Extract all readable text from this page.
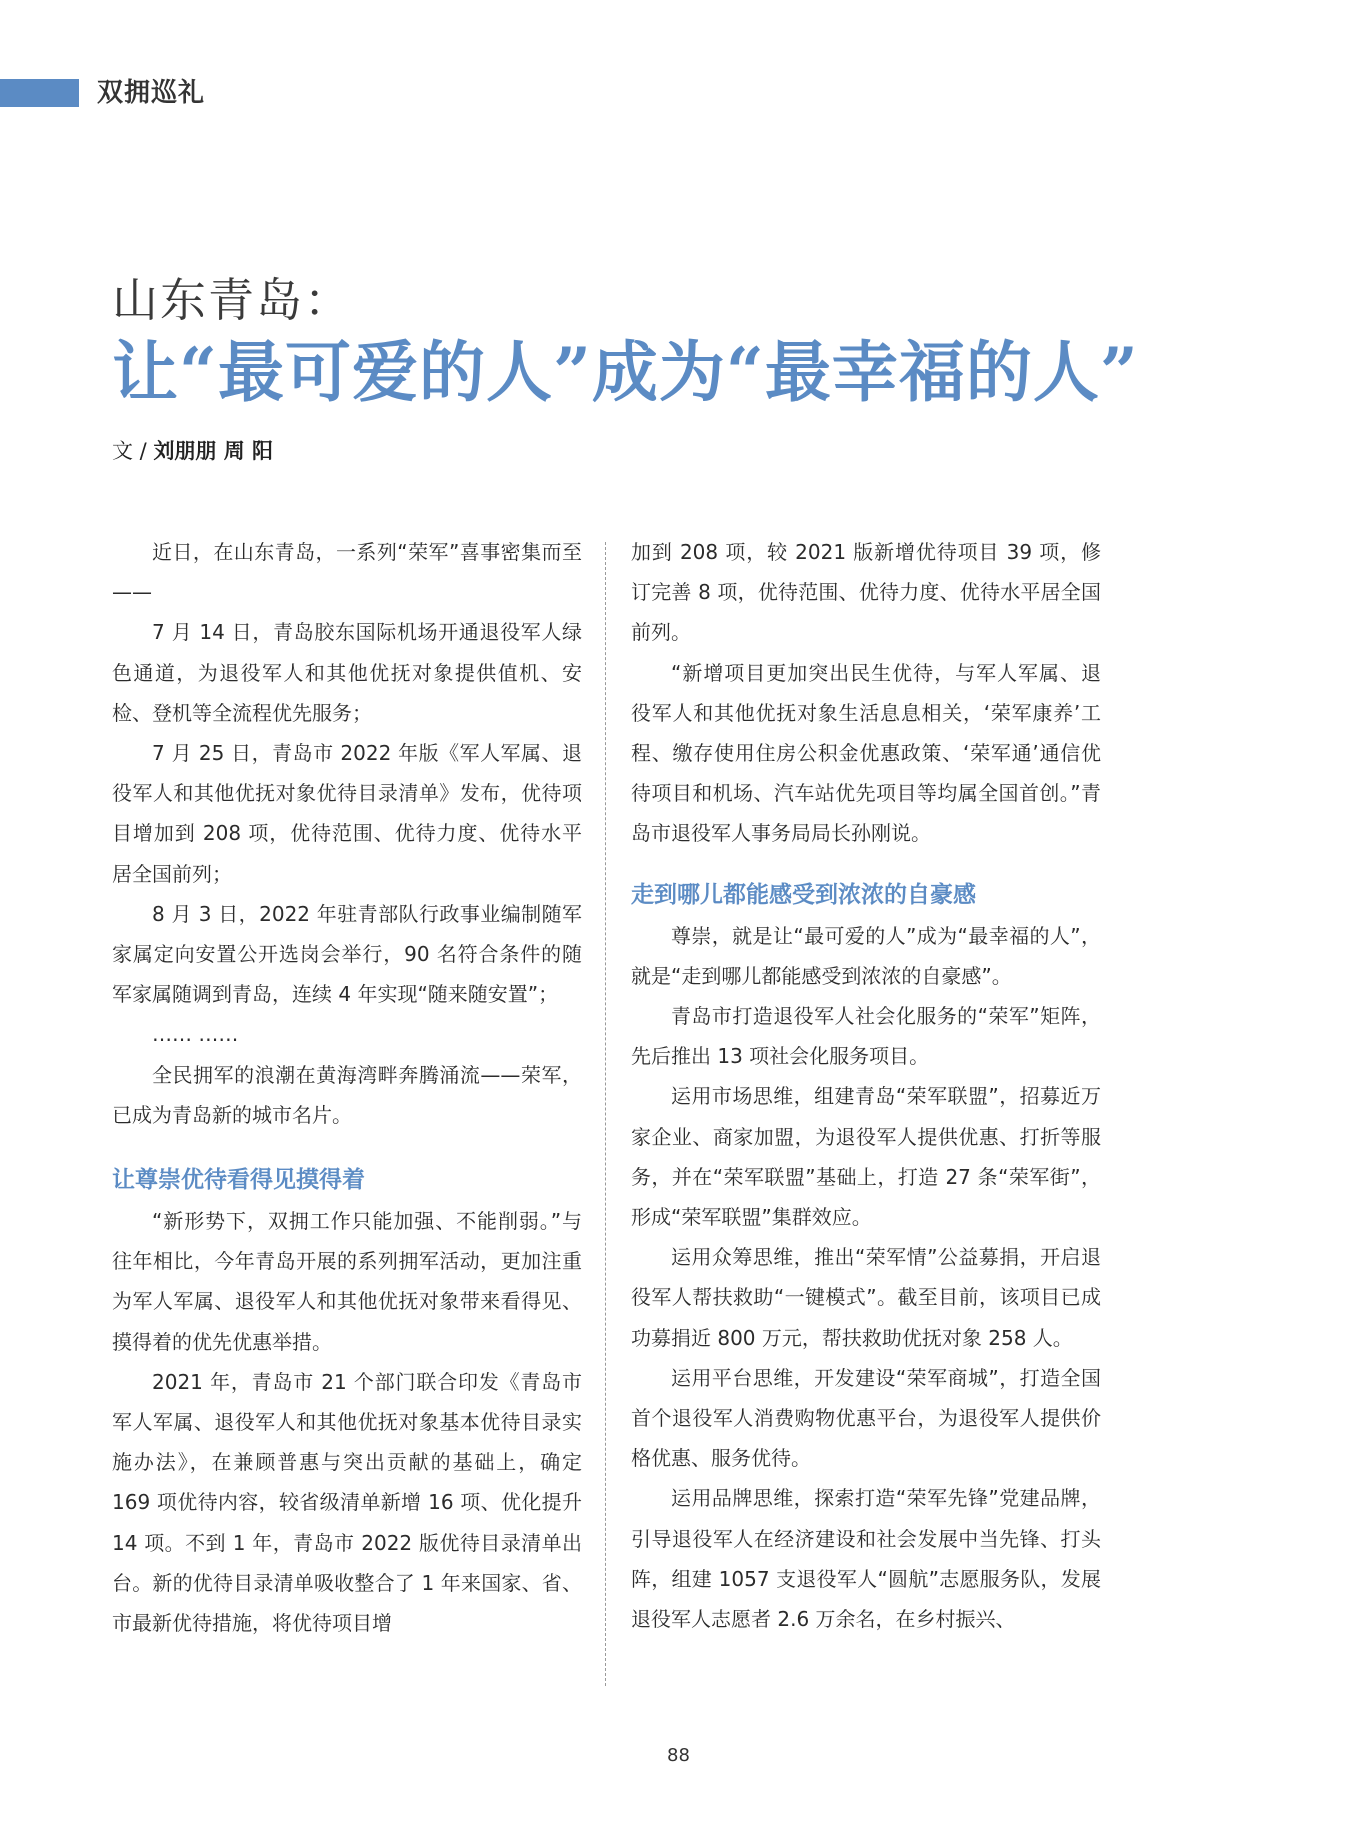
双拥巡礼
山东青岛：
让“最可爱的人”成为“最幸福的人”
文 / 刘朋朋 周 阳

近日，在山东青岛，一系列“荣军”喜事密集而至——

7 月 14 日，青岛胶东国际机场开通退役军人绿色通道，为退役军人和其他优抚对象提供值机、安检、登机等全流程优先服务；

7 月 25 日，青岛市 2022 年版《军人军属、退役军人和其他优抚对象优待目录清单》发布，优待项目增加到 208 项，优待范围、优待力度、优待水平居全国前列；

8 月 3 日，2022 年驻青部队行政事业编制随军家属定向安置公开选岗会举行，90 名符合条件的随军家属随调到青岛，连续 4 年实现“随来随安置”；

…… ……

全民拥军的浪潮在黄海湾畔奔腾涌流——荣军，已成为青岛新的城市名片。

让尊崇优待看得见摸得着

“新形势下，双拥工作只能加强、不能削弱。”与往年相比，今年青岛开展的系列拥军活动，更加注重为军人军属、退役军人和其他优抚对象带来看得见、摸得着的优先优惠举措。

2021 年，青岛市 21 个部门联合印发《青岛市军人军属、退役军人和其他优抚对象基本优待目录实施办法》，在兼顾普惠与突出贡献的基础上，确定 169 项优待内容，较省级清单新增 16 项、优化提升 14 项。不到 1 年，青岛市 2022 版优待目录清单出台。新的优待目录清单吸收整合了 1 年来国家、省、市最新优待措施，将优待项目增

加到 208 项，较 2021 版新增优待项目 39 项，修订完善 8 项，优待范围、优待力度、优待水平居全国前列。

“新增项目更加突出民生优待，与军人军属、退役军人和其他优抚对象生活息息相关，‘荣军康养’工程、缴存使用住房公积金优惠政策、‘荣军通’通信优待项目和机场、汽车站优先项目等均属全国首创。”青岛市退役军人事务局局长孙刚说。

走到哪儿都能感受到浓浓的自豪感

尊崇，就是让“最可爱的人”成为“最幸福的人”，就是“走到哪儿都能感受到浓浓的自豪感”。

青岛市打造退役军人社会化服务的“荣军”矩阵，先后推出 13 项社会化服务项目。

运用市场思维，组建青岛“荣军联盟”，招募近万家企业、商家加盟，为退役军人提供优惠、打折等服务，并在“荣军联盟”基础上，打造 27 条“荣军街”，形成“荣军联盟”集群效应。

运用众筹思维，推出“荣军情”公益募捐，开启退役军人帮扶救助“一键模式”。截至目前，该项目已成功募捐近 800 万元，帮扶救助优抚对象 258 人。

运用平台思维，开发建设“荣军商城”，打造全国首个退役军人消费购物优惠平台，为退役军人提供价格优惠、服务优待。

运用品牌思维，探索打造“荣军先锋”党建品牌，引导退役军人在经济建设和社会发展中当先锋、打头阵，组建 1057 支退役军人“圆航”志愿服务队，发展退役军人志愿者 2.6 万余名，在乡村振兴、

88
